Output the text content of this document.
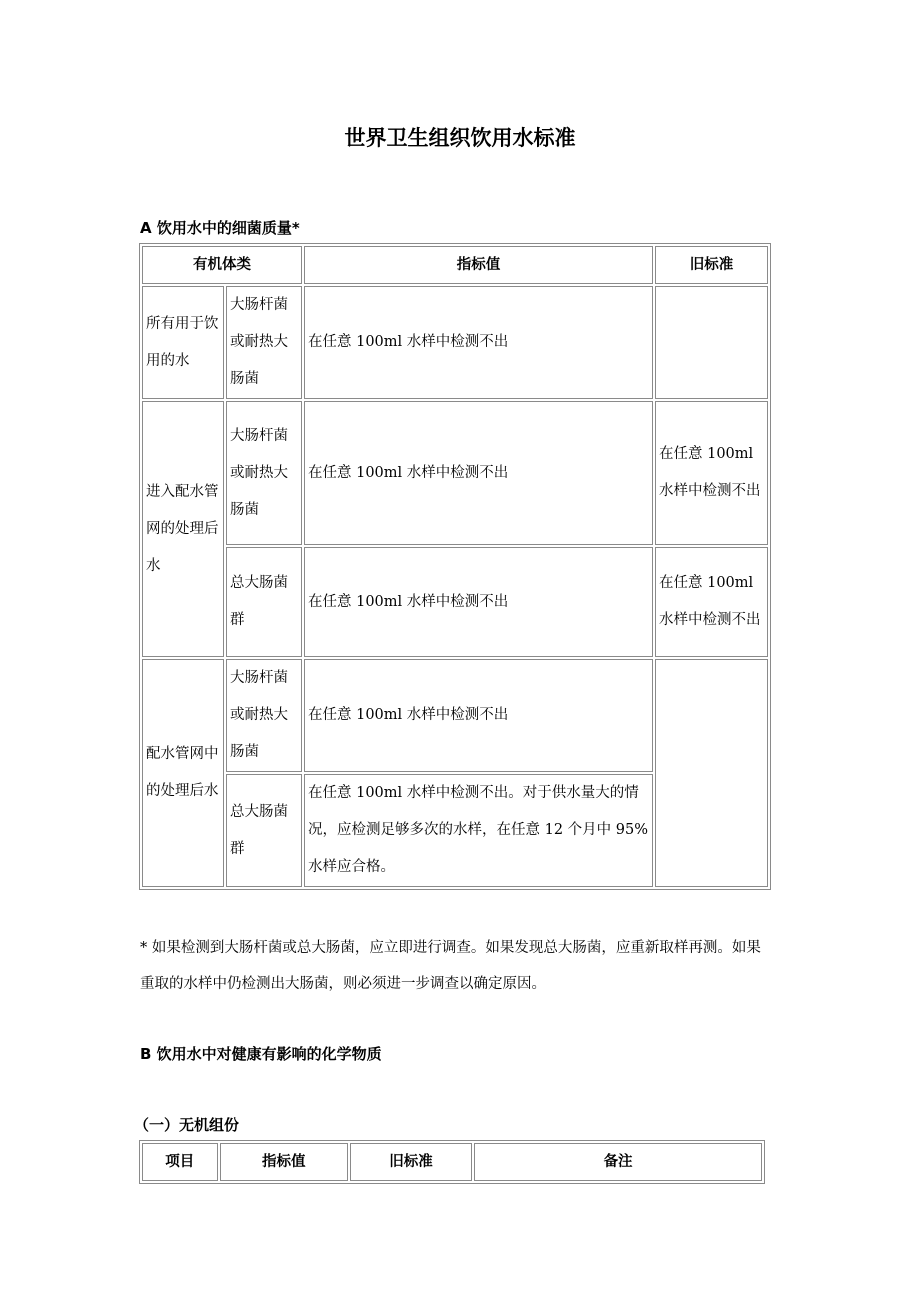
世界卫生组织饮用水标准
A 饮用水中的细菌质量*
有机体类		指标值	旧标准
所有用于饮用的水	大肠杆菌或耐热大肠菌	在任意 100ml 水样中检测不出	
进入配水管网的处理后水	大肠杆菌或耐热大肠菌	在任意 100ml 水样中检测不出	在任意 100ml 水样中检测不出
	总大肠菌群	在任意 100ml 水样中检测不出	在任意 100ml 水样中检测不出
配水管网中的处理后水	大肠杆菌或耐热大肠菌	在任意 100ml 水样中检测不出	
	总大肠菌群	在任意 100ml 水样中检测不出。对于供水量大的情况，应检测足够多次的水样，在任意 12 个月中 95%水样应合格。	
* 如果检测到大肠杆菌或总大肠菌，应立即进行调查。如果发现总大肠菌，应重新取样再测。如果重取的水样中仍检测出大肠菌，则必须进一步调查以确定原因。
B 饮用水中对健康有影响的化学物质
（一）无机组份
项目	指标值	旧标准	备注
